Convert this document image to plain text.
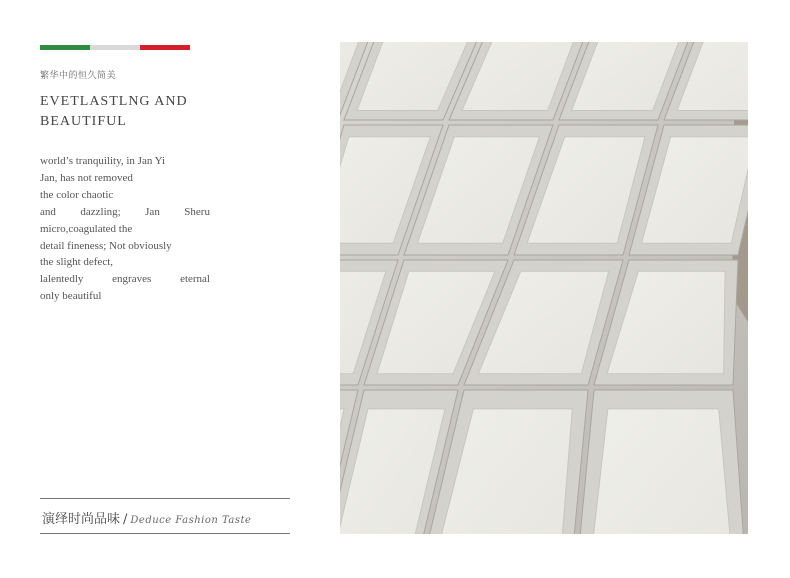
繁华中的恒久简美
EVETLASTLNG AND
BEAUTIFUL
world’s tranquility, in Jan Yi
Jan, has not removed
the color chaotic
and dazzling; Jan Sheru
micro,coagulated the
detail fineness; Not obviously
the slight defect,
lalentedly	engraves	eternal
only beautiful
演绎时尚品味 / Deduce Fashion Taste
